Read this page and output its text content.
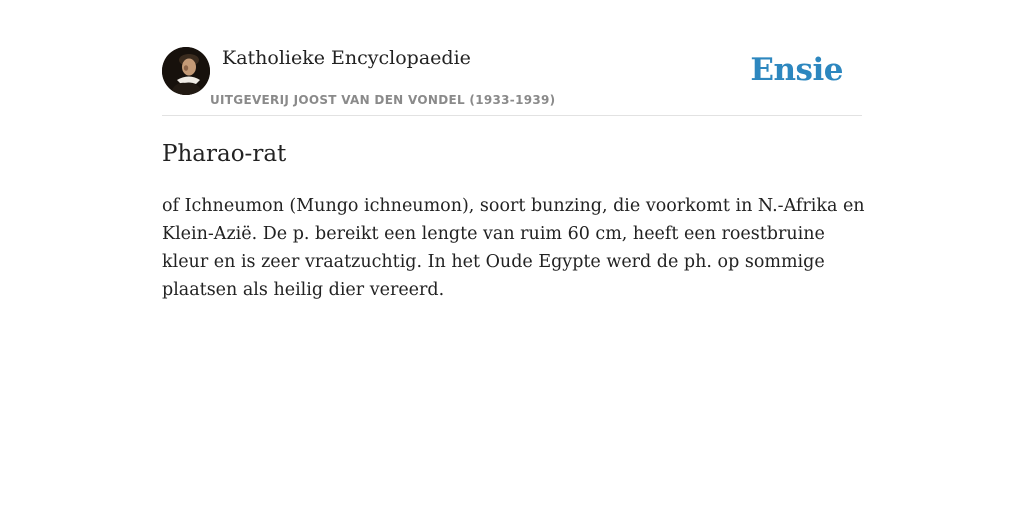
Katholieke Encyclopaedie
UITGEVERIJ JOOST VAN DEN VONDEL (1933-1939)
Ensie
Pharao-rat

of Ichneumon (Mungo ichneumon), soort bunzing, die voorkomt in N.-Afrika en Klein-Azië. De p. bereikt een lengte van ruim 60 cm, heeft een roestbruine kleur en is zeer vraatzuchtig. In het Oude Egypte werd de ph. op sommige plaatsen als heilig dier vereerd.
